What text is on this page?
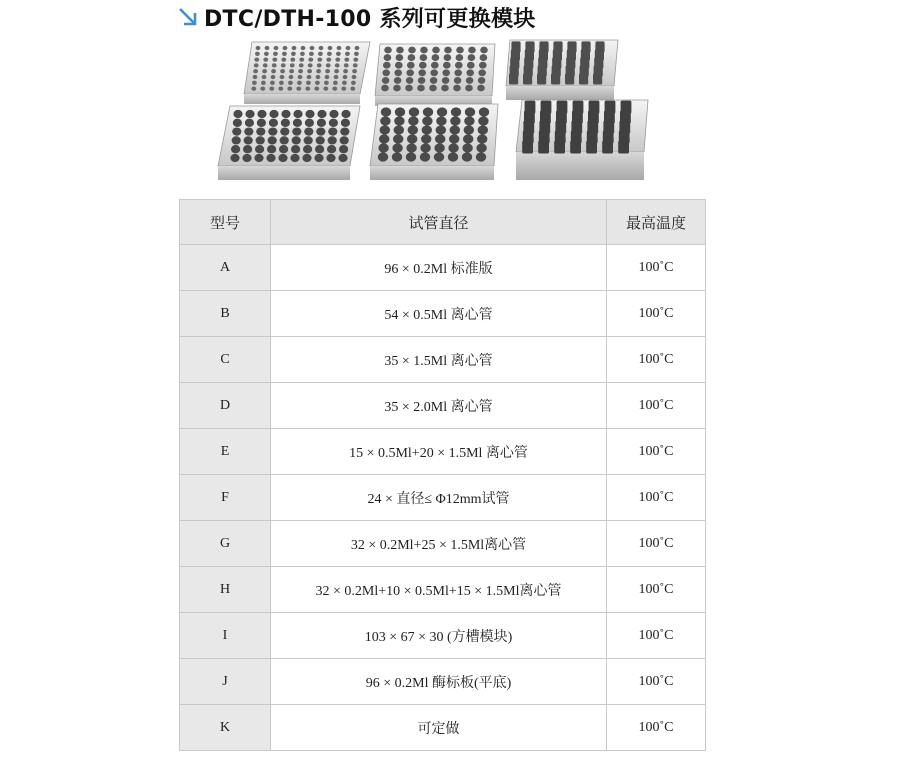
DTC/DTH-100 系列可更换模块
型号	试管直径	最高温度
A	96 × 0.2Ml 标准版	100˚C
B	54 × 0.5Ml 离心管	100˚C
C	35 × 1.5Ml 离心管	100˚C
D	35 × 2.0Ml 离心管	100˚C
E	15 × 0.5Ml+20 × 1.5Ml 离心管	100˚C
F	24 × 直径≤ Φ12mm试管	100˚C
G	32 × 0.2Ml+25 × 1.5Ml离心管	100˚C
H	32 × 0.2Ml+10 × 0.5Ml+15 × 1.5Ml离心管	100˚C
I	103 × 67 × 30 (方槽模块)	100˚C
J	96 × 0.2Ml 酶标板(平底)	100˚C
K	可定做	100˚C
